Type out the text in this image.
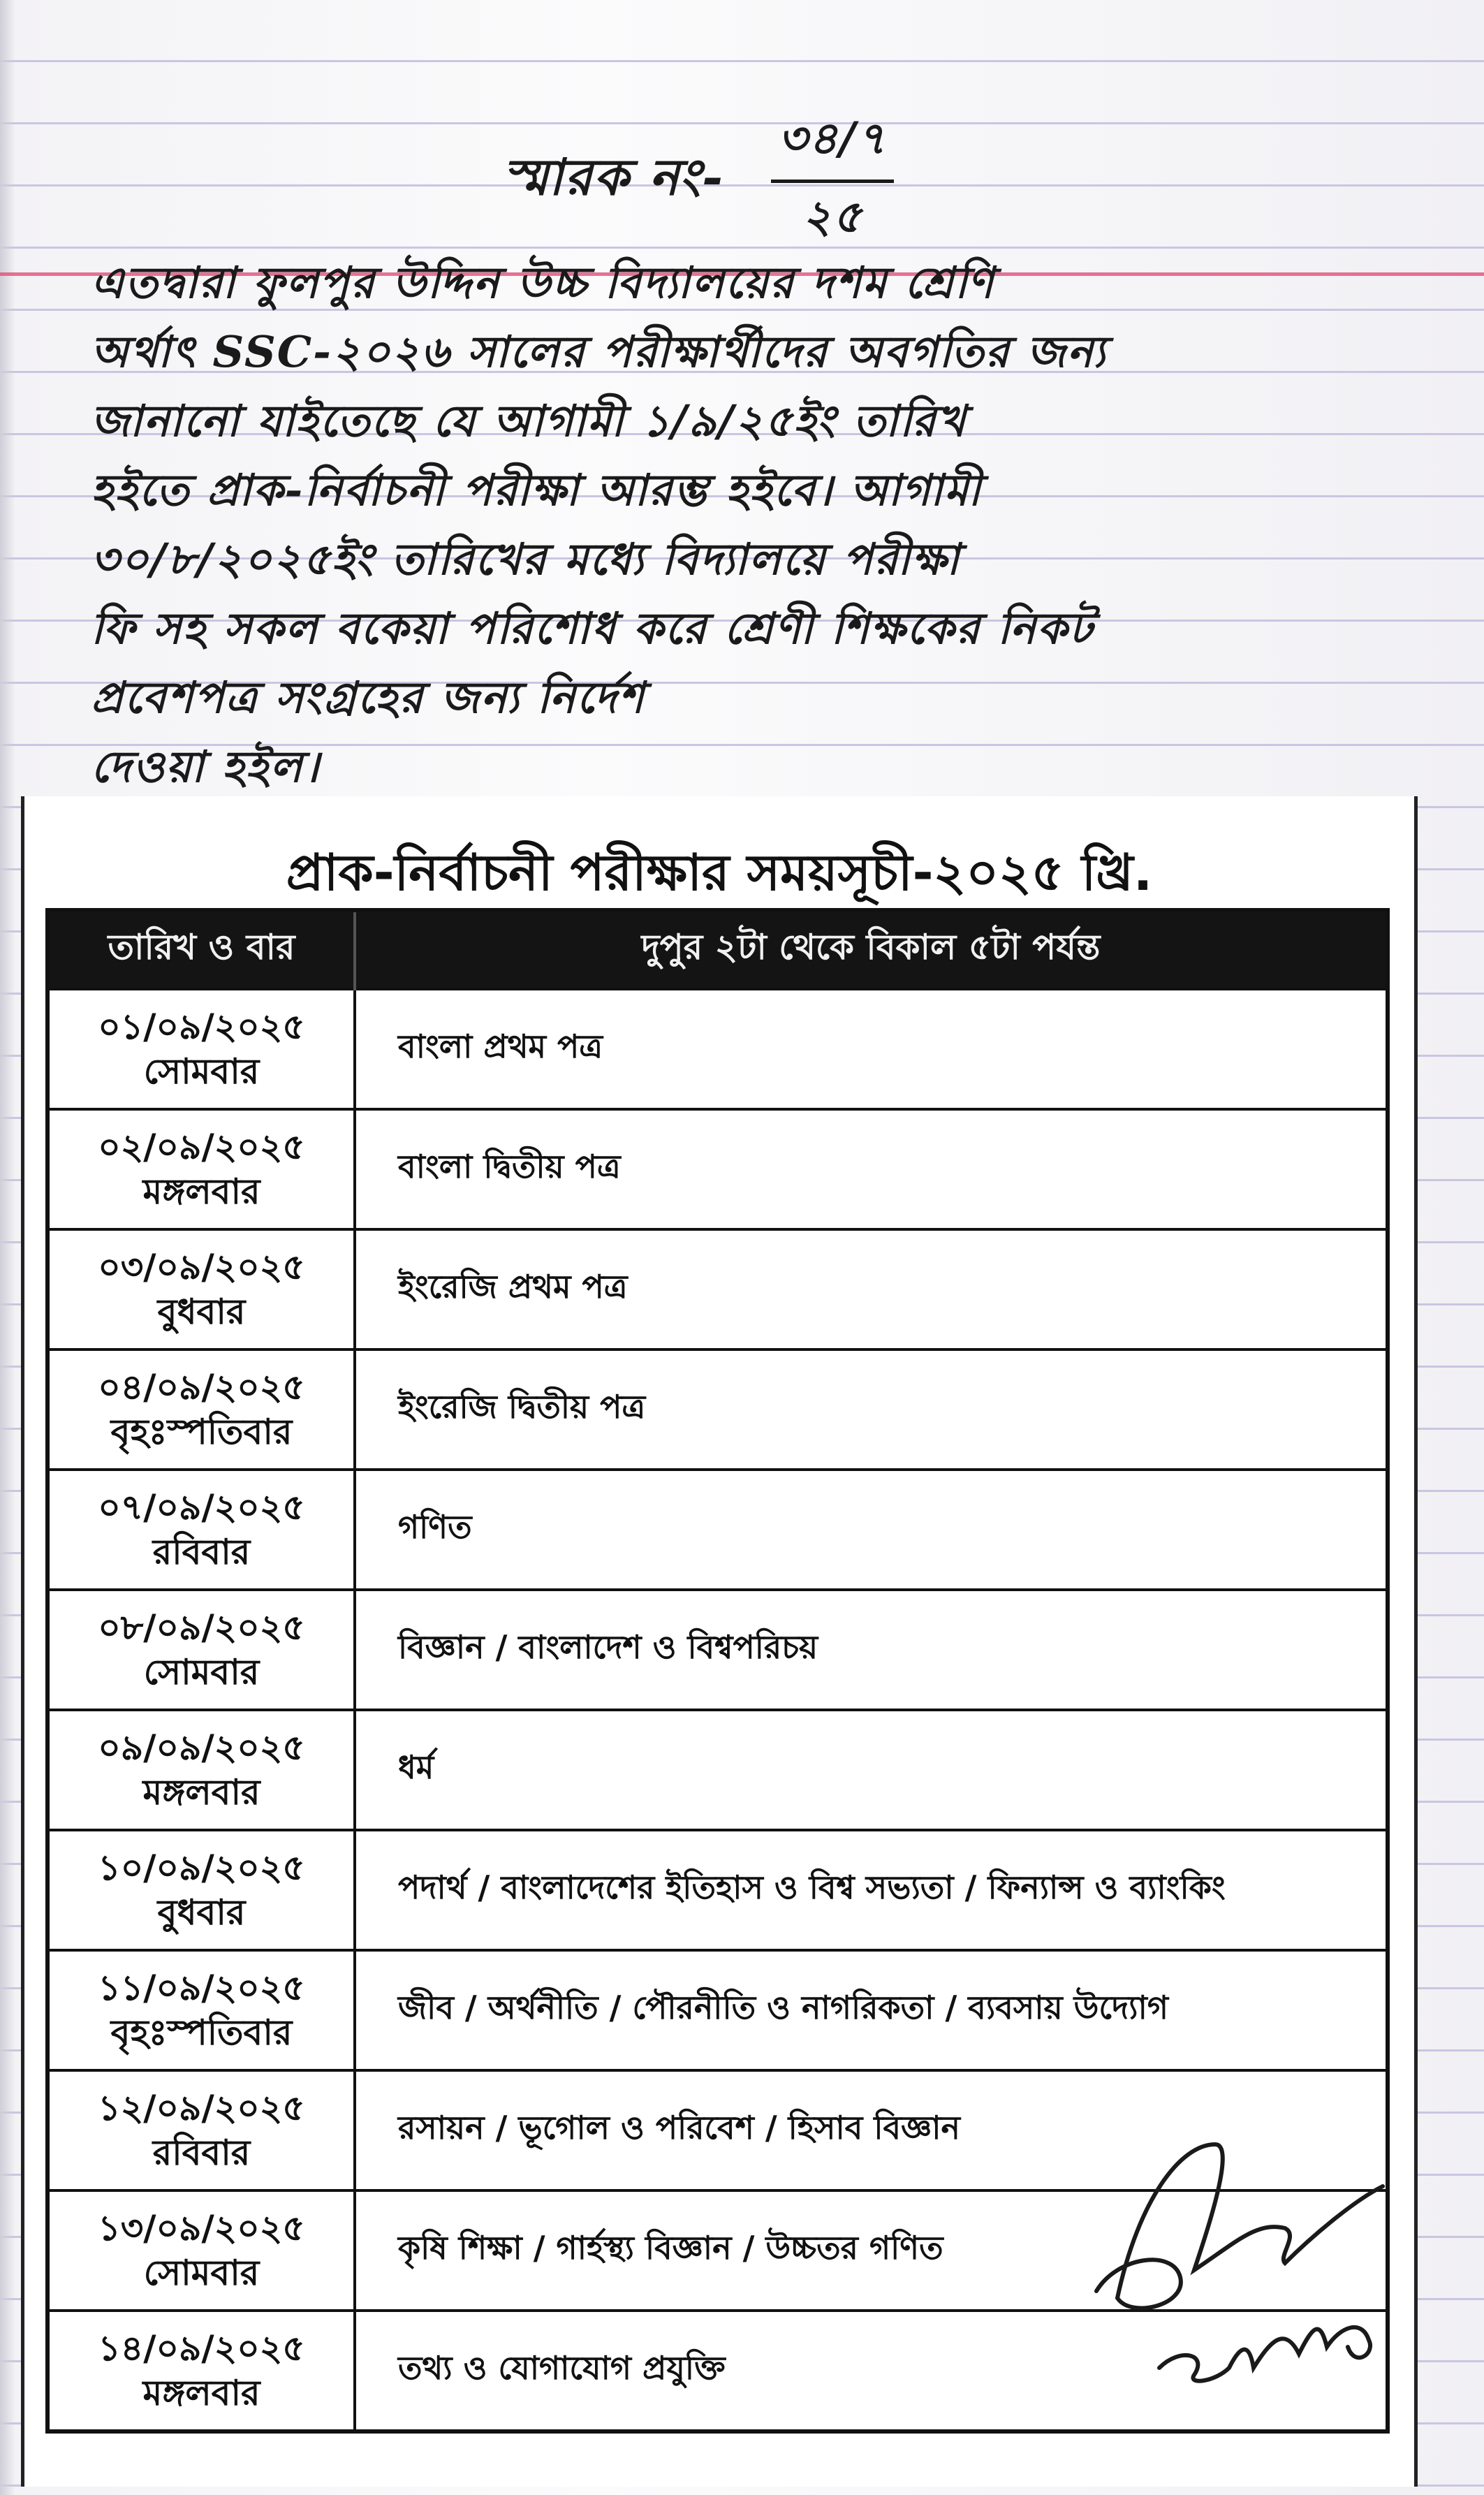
স্মারক নং-
৩৪/৭
২৫
এতদ্বারা ফুলপুর উদ্দিন উচ্চ বিদ্যালয়ের দশম শ্রেণি
অর্থাৎ SSC-২০২৬ সালের পরীক্ষার্থীদের অবগতির জন্য
জানানো যাইতেছে যে আগামী ১/৯/২৫ইং তারিখ
হইতে প্রাক-নির্বাচনী পরীক্ষা আরম্ভ হইবে। আগামী
৩০/৮/২০২৫ইং তারিখের মধ্যে বিদ্যালয়ে পরীক্ষা
ফি সহ সকল বকেয়া পরিশোধ করে শ্রেণী শিক্ষকের নিকট
প্রবেশপত্র সংগ্রহের জন্য নির্দেশ
দেওয়া হইল।
প্রাক-নির্বাচনী পরীক্ষার সময়সূচী-২০২৫ খ্রি.
তারিখ ও বার	দুপুর ২টা থেকে বিকাল ৫টা পর্যন্ত

০১/০৯/২০২৫
সোমবার	বাংলা প্রথম পত্র

০২/০৯/২০২৫
মঙ্গলবার	বাংলা দ্বিতীয় পত্র

০৩/০৯/২০২৫
বুধবার	ইংরেজি প্রথম পত্র

০৪/০৯/২০২৫
বৃহঃস্পতিবার	ইংরেজি দ্বিতীয় পত্র

০৭/০৯/২০২৫
রবিবার	গণিত

০৮/০৯/২০২৫
সোমবার	বিজ্ঞান / বাংলাদেশ ও বিশ্বপরিচয়

০৯/০৯/২০২৫
মঙ্গলবার	ধর্ম

১০/০৯/২০২৫
বুধবার	পদার্থ / বাংলাদেশের ইতিহাস ও বিশ্ব সভ্যতা / ফিন্যান্স ও ব্যাংকিং

১১/০৯/২০২৫
বৃহঃস্পতিবার	জীব / অর্থনীতি / পৌরনীতি ও নাগরিকতা / ব্যবসায় উদ্যোগ

১২/০৯/২০২৫
রবিবার	রসায়ন / ভূগোল ও পরিবেশ / হিসাব বিজ্ঞান

১৩/০৯/২০২৫
সোমবার	কৃষি শিক্ষা / গার্হস্থ্য বিজ্ঞান / উচ্চতর গণিত

১৪/০৯/২০২৫
মঙ্গলবার	তথ্য ও যোগাযোগ প্রযুক্তি
